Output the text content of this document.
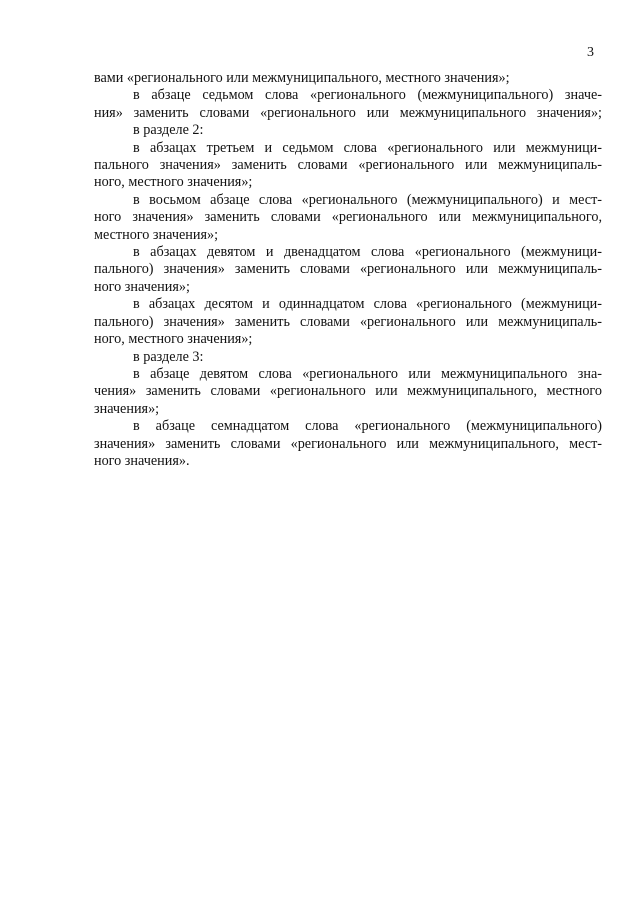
3
вами «регионального или межмуниципального, местного значения»;
в абзаце седьмом слова «регионального (межмуниципального) значе-
ния» заменить словами «регионального или межмуниципального значения»;
в разделе 2:
в абзацах третьем и седьмом слова «регионального или межмуници-
пального значения» заменить словами «регионального или межмуниципаль-
ного, местного значения»;
в восьмом абзаце слова «регионального (межмуниципального) и мест-
ного значения» заменить словами «регионального или межмуниципального,
местного значения»;
в абзацах девятом и двенадцатом слова «регионального (межмуници-
пального) значения» заменить словами «регионального или межмуниципаль-
ного значения»;
в абзацах десятом и одиннадцатом слова «регионального (межмуници-
пального) значения» заменить словами «регионального или межмуниципаль-
ного, местного значения»;
в разделе 3:
в абзаце девятом слова «регионального или межмуниципального зна-
чения» заменить словами «регионального или межмуниципального, местного
значения»;
в абзаце семнадцатом слова «регионального (межмуниципального)
значения» заменить словами «регионального или межмуниципального, мест-
ного значения».
